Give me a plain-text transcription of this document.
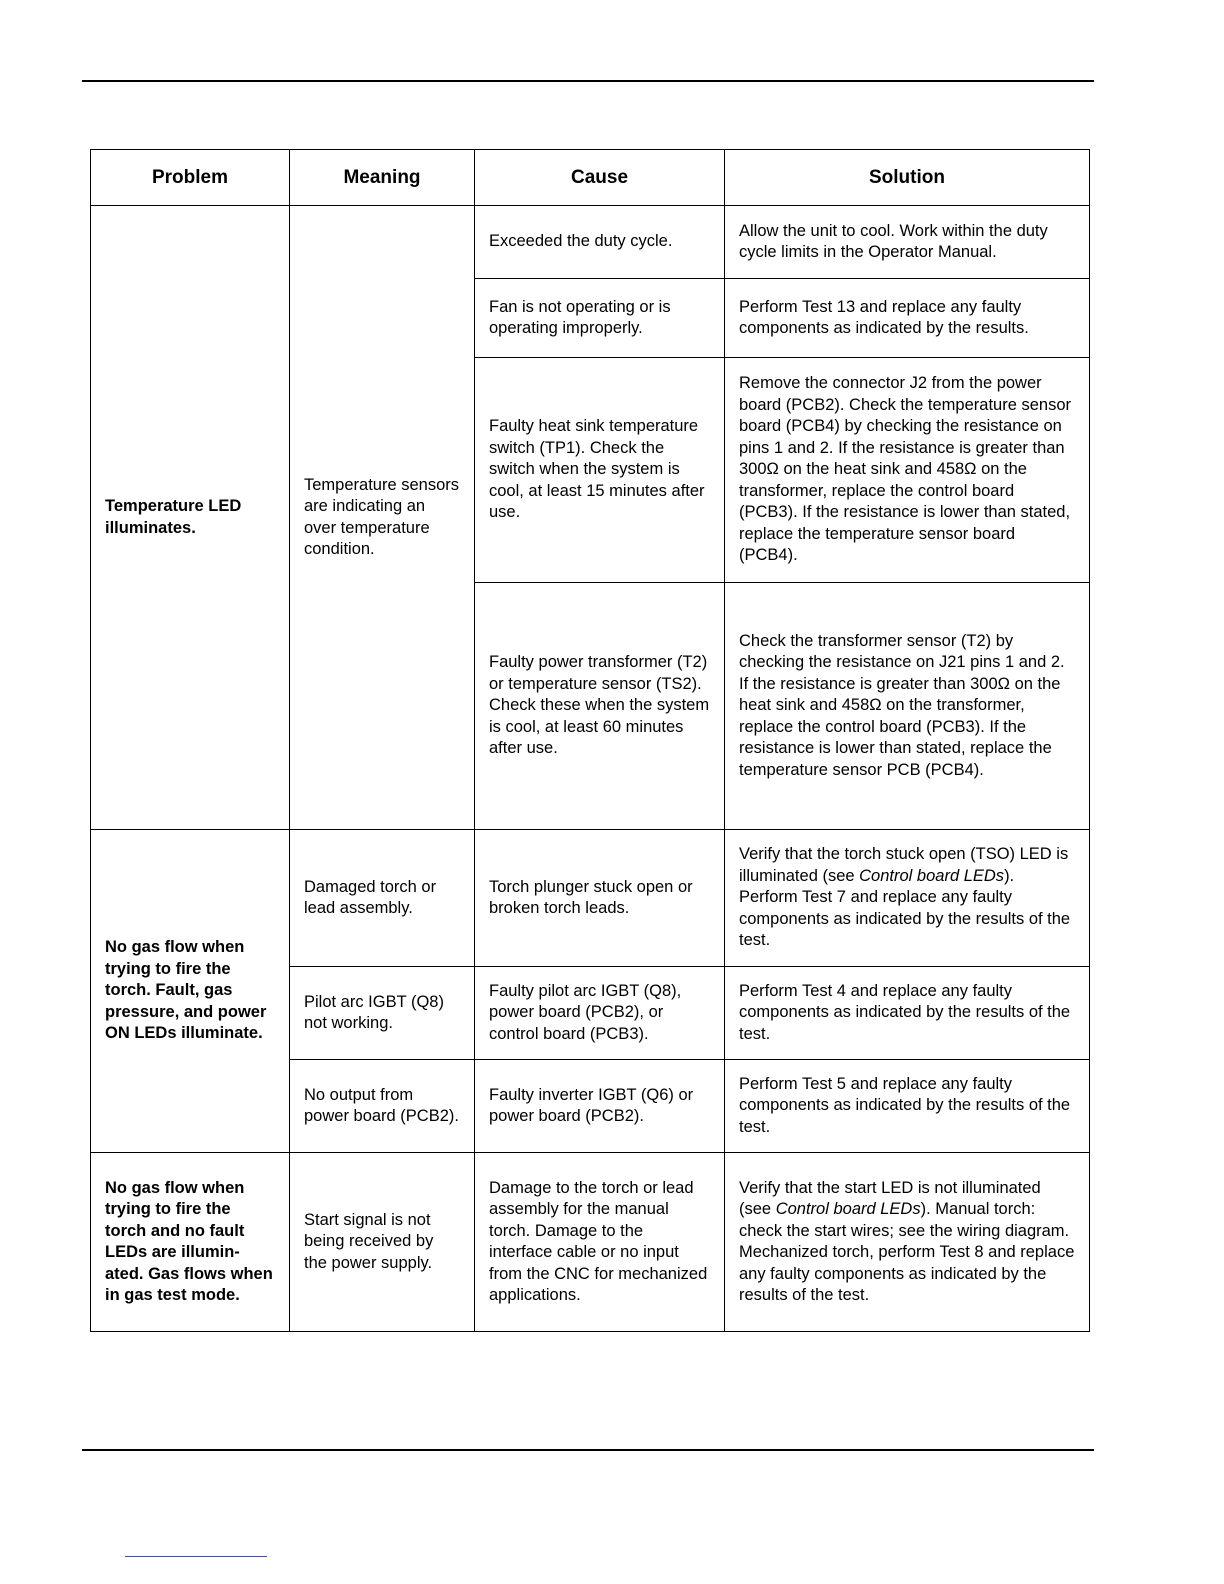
Problem	Meaning	Cause	Solution
Temperature LED illuminates.	Temperature sensors are indicating an over temperature condition.	Exceeded the duty cycle.	Allow the unit to cool. Work within the duty cycle limits in the Operator Manual.
		Fan is not operating or is operating improperly.	Perform Test 13 and replace any faulty components as indicated by the results.
		Faulty heat sink temperature switch (TP1). Check the switch when the system is cool, at least 15 minutes after use.	Remove the connector J2 from the power board (PCB2). Check the temperature sensor board (PCB4) by checking the resistance on pins 1 and 2. If the resistance is greater than 300Ω on the heat sink and 458Ω on the transformer, replace the control board (PCB3). If the resistance is lower than stated, replace the temperature sensor board (PCB4).
		Faulty power transformer (T2) or temperature sensor (TS2). Check these when the system is cool, at least 60 minutes after use.	Check the transformer sensor (T2) by checking the resistance on J21 pins 1 and 2. If the resistance is greater than 300Ω on the heat sink and 458Ω on the transformer, replace the control board (PCB3). If the resistance is lower than stated, replace the temperature sensor PCB (PCB4).
No gas flow when trying to fire the torch. Fault, gas pressure, and power ON LEDs illuminate.	Damaged torch or lead assembly.	Torch plunger stuck open or broken torch leads.	Verify that the torch stuck open (TSO) LED is illuminated (see Control board LEDs). Perform Test 7 and replace any faulty components as indicated by the results of the test.
	Pilot arc IGBT (Q8) not working.	Faulty pilot arc IGBT (Q8), power board (PCB2), or control board (PCB3).	Perform Test 4 and replace any faulty components as indicated by the results of the test.
	No output from power board (PCB2).	Faulty inverter IGBT (Q6) or power board (PCB2).	Perform Test 5 and replace any faulty components as indicated by the results of the test.
No gas flow when trying to fire the torch and no fault LEDs are illumin-ated. Gas flows when in gas test mode.	Start signal is not being received by the power supply.	Damage to the torch or lead assembly for the manual torch. Damage to the interface cable or no input from the CNC for mechanized applications.	Verify that the start LED is not illuminated (see Control board LEDs). Manual torch: check the start wires; see the wiring diagram. Mechanized torch, perform Test 8 and replace any faulty components as indicated by the results of the test.
